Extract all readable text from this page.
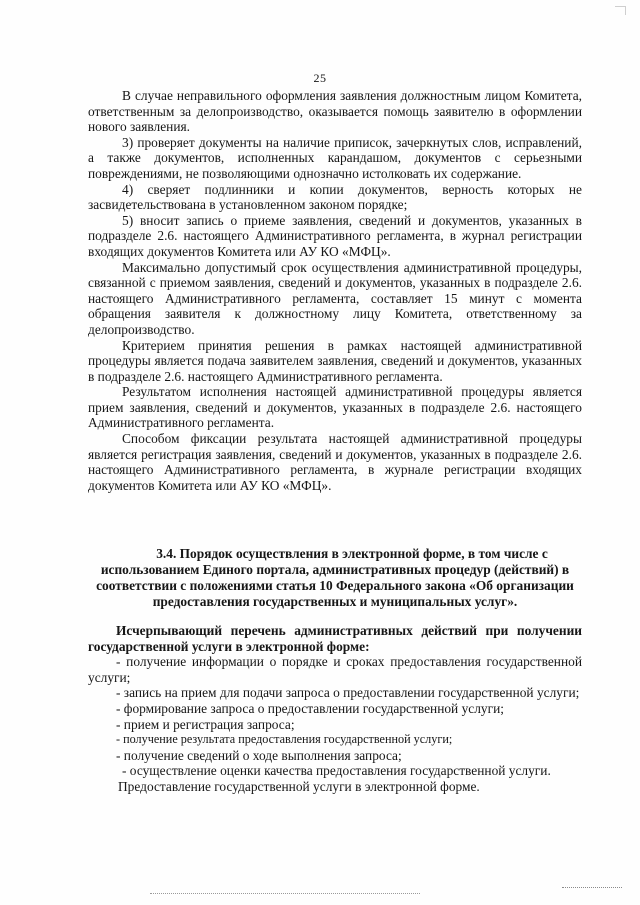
25

В случае неправильного оформления заявления должностным лицом Комитета, ответственным за делопроизводство, оказывается помощь заявителю в оформлении нового заявления.

3) проверяет документы на наличие приписок, зачеркнутых слов, исправлений, а также документов, исполненных карандашом, документов с серьезными повреждениями, не позволяющими однозначно истолковать их содержание.

4) сверяет подлинники и копии документов, верность которых не засвидетельствована в установленном законом порядке;

5) вносит запись о приеме заявления, сведений и документов, указанных в подразделе 2.6. настоящего Административного регламента, в журнал регистрации входящих документов Комитета или АУ КО «МФЦ».

Максимально допустимый срок осуществления административной процедуры, связанной с приемом заявления, сведений и документов, указанных в подразделе 2.6. настоящего Административного регламента, составляет 15 минут с момента обращения заявителя к должностному лицу Комитета, ответственному за делопроизводство.

Критерием принятия решения в рамках настоящей административной процедуры является подача заявителем заявления, сведений и документов, указанных в подразделе 2.6. настоящего Административного регламента.

Результатом исполнения настоящей административной процедуры является прием заявления, сведений и документов, указанных в подразделе 2.6. настоящего Административного регламента.

Способом фиксации результата настоящей административной процедуры является регистрация заявления, сведений и документов, указанных в подразделе 2.6. настоящего Административного регламента, в журнале регистрации входящих документов Комитета или АУ КО «МФЦ».

3.4. Порядок осуществления в электронной форме, в том числе с использованием Единого портала, административных процедур (действий) в соответствии с положениями статья 10 Федерального закона «Об организации предоставления государственных и муниципальных услуг».

Исчерпывающий перечень административных действий при получении государственной услуги в электронной форме:

- получение информации о порядке и сроках предоставления государственной услуги;

- запись на прием для подачи запроса о предоставлении государственной услуги;

- формирование запроса о предоставлении государственной услуги;

- прием и регистрация запроса;

- получение результата предоставления государственной услуги;

- получение сведений о ходе выполнения запроса;

- осуществление оценки качества предоставления государственной услуги.

Предоставление государственной услуги в электронной форме.
